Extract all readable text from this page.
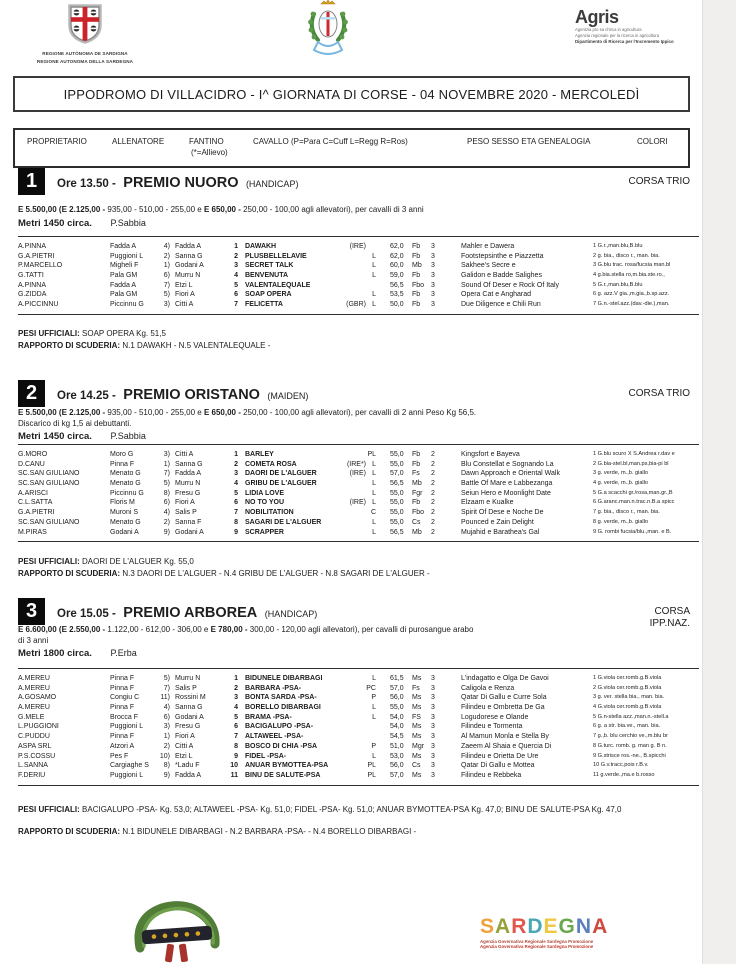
REGIONE AUTÒNOMA DE SARDIGNA
REGIONE AUTONOMA DELLA SARDEGNA
Agris
Agentzia pro sa chirca in agricultura
Agenzia regionale per la ricerca in agricoltura
Dipartimento di Ricerca per l'Incremento Ippico
IPPODROMO DI VILLACIDRO - I^ GIORNATA DI CORSE - 04 NOVEMBRE 2020 - MERCOLEDÌ
PROPRIETARIO	ALLENATORE	FANTINO
(*=Allievo)
CAVALLO (P=Para C=Cuff L=Regg R=Ros)	PESO SESSO ETA GENEALOGIA	COLORI
1	Ore 13.50 - PREMIO NUORO (HANDICAP)	CORSA TRIO
E 5.500,00 (E 2.125,00 - 935,00 - 510,00 - 255,00 e E 650,00 - 250,00 - 100,00 agli allevatori), per cavalli di 3 anni
Metri 1450 circa. P.Sabbia
A.PINNA	Fadda A	4) Fadda A	1 DAWAKH	(IRE)	62,0 Fb 3	Mahler e Dawera	1 G.r.,man.blu,B.blu
G.A.PIETRI	Puggioni L	2) Sanna G	2 PLUSBELLELAVIE	L 62,0 Fb 3	Footstepsinthe e Piazzetta	2 g. bia., disco r., man. bia.
P.MARCELLO	Migheli F	1) Godani A	3 SECRET TALK	L 60,0 Mb 3	Sakhee's Secre e	3 G.blu trac. rosa/fucsia man.bl
G.TATTI	Pala GM	6) Murru N	4 BENVENUTA	L 59,0 Fb 3	Galidon e Badde Salighes	4 g.bia.stella ro,m.bia.ste.ro.,
A.PINNA	Fadda A	7) Etzi L	5 VALENTALEQUALE	56,5 Fbo 3	Sound Of Deser e Rock Of Italy	5 G.r.,man.blu,B.blu
G.ZIDDA	Pala GM	5) Fiori A	6 SOAP OPERA	L 53,5 Fb 3	Opera Cat e Angharad	6 g. azz.V gia.,m.gia.,b.sp.azz.
A.PICCINNU	Piccinnu G	3) Citti A	7 FELICETTA	(GBR) L 50,0 Fb 3	Due Diligence e Chili Run	7 G.n.-stel.azz.(dav.-die.),man.
PESI UFFICIALI: SOAP OPERA Kg. 51,5
RAPPORTO DI SCUDERIA: N.1 DAWAKH - N.5 VALENTALEQUALE -
2	Ore 14.25 - PREMIO ORISTANO (MAIDEN)	CORSA TRIO
E 5.500,00 (E 2.125,00 - 935,00 - 510,00 - 255,00 e E 650,00 - 250,00 - 100,00 agli allevatori), per cavalli di 2 anni Peso Kg 56,5.
Discarico di kg 1,5 ai debuttanti.
Metri 1450 circa. P.Sabbia
G.MORO	Moro G	3) Citti A	1 BARLEY	PL 55,0 Fb 2	Kingsfort e Bayeva	1 G.blu scuro X S.Andrea r.dav e
D.CANU	Pinna F	1) Sanna G	2 COMETA ROSA	(IRE*) L 55,0 Fb 2	Blu Constellat e Sognando La	2 G.bia-stel.bl,man.ps,bia-pi bl
SC.SAN GIULIANO	Menato G	7) Fadda A	3 DAORI DE L'ALGUER	(IRE) L 57,0 Fs 2	Dawn Approach e Oriental Walk	3 g. verde, m.,b. giallo
SC.SAN GIULIANO	Menato G	5) Murru N	4 GRIBU DE L'ALGUER	L 56,5 Mb 2	Battle Of Mare e Labbezanga	4 g. verde, m.,b. giallo
A.ARISCI	Piccinnu G	8) Fresu G	5 LIDIA LOVE	L 55,0 Fgr 2	Seiun Hero e Moonlight Date	5 G.a scacchi gr./rosa,man.gr.,B
C.L.SATTA	Floris M	6) Fiori A	6 NO TO YOU	(IRE) L 55,0 Fb 2	Elzaam e Kualke	6 G.aranc.man.n.trac.n.B.a spicc
G.A.PIETRI	Muroni S	4) Salis P	7 NOBILITATION	C 55,0 Fbo 2	Spirit Of Dese e Noche De	7 g. bia., disco r., man. bia.
SC.SAN GIULIANO	Menato G	2) Sanna F	8 SAGARI DE L'ALGUER	L 55,0 Cs 2	Pounced e Zain Delight	8 g. verde, m.,b. giallo
M.PIRAS	Godani A	9) Godani A	9 SCRAPPER	L 56,5 Mb 2	Mujahid e Barathea's Gal	9 G. rombi fucsia/blu.,man. e B.
PESI UFFICIALI: DAORI DE L'ALGUER Kg. 55,0
RAPPORTO DI SCUDERIA: N.3 DAORI DE L'ALGUER - N.4 GRIBU DE L'ALGUER - N.8 SAGARI DE L'ALGUER -
3	Ore 15.05 - PREMIO ARBOREA (HANDICAP)	CORSA
IPP.NAZ.
E 6.600,00 (E 2.550,00 - 1.122,00 - 612,00 - 306,00 e E 780,00 - 300,00 - 120,00 agli allevatori), per cavalli di purosangue arabo
di 3 anni
Metri 1800 circa. P.Erba
A.MEREU	Pinna F	5) Murru N	1 BIDUNELE DIBARBAGI	L 61,5 Ms 3	L'indagatto e Olga De Gavoi	1 G.viola cer.romb.g.B.viola
A.MEREU	Pinna F	7) Salis P	2 BARBARA -PSA-	PC 57,0 Fs 3	Caligola e Renza	2 G.viola cer.romb.g.B.viola
A.GOSAMO	Congiu C	11) Rossini M	3 BONTA SARDA -PSA-	P 56,0 Ms 3	Qatar Di Gallu e Curre Sola	3 g. ver. stella bia., man. bia.
A.MEREU	Pinna F	4) Sanna G	4 BORELLO DIBARBAGI	L 55,0 Ms 3	Filindeu e Ombretta De Ga	4 G.viola cer.romb.g.B.viola
G.MELE	Brocca F	6) Godani A	5 BRAMA -PSA-	L 54,0 FS 3	Logudorese e Olande	5 G.n-stella azz.,man.n.-stell.a
L.PUGGIONI	Puggioni L	3) Fresu G	6 BACIGALUPO -PSA-	54,0 Ms 3	Filindeu e Tormenta	6 g. a str. bia.ve., man. bia.
C.PUDDU	Pinna F	1) Fiori A	7 ALTAWEEL -PSA-	54,5 Ms 3	Al Mamun Monla e Stella By	7 g.,b. blu cerchio ve.,m.blu br
ASPA SRL	Atzori A	2) Citti A	8 BOSCO DI CHIA -PSA	P 51,0 Mgr 3	Zaeem Al Shaia e Quercia Di	8 G.turc. romb. g. man g. B n.
P.S.COSSU	Pes F	10) Etzi L	9 FIDEL -PSA-	L 53,0 Ms 3	Filindeu e Orietta De Ure	9 G.strisce ros.-ne., B.spicchi
L.SANNA	Cargiaghe S	8) *Ladu F	10 ANUAR BYMOTTEA-PSA	PL 56,0 Cs 3	Qatar Di Gallu e Mottea	10 G.v.tracc.pois r.B.v.
F.DERIU	Puggioni L	9) Fadda A	11 BINU DE SALUTE-PSA	PL 57,0 Ms 3	Filindeu e Rebbeka	11 g.verde.,ma.e b.rosso
PESI UFFICIALI: BACIGALUPO -PSA- Kg. 53,0; ALTAWEEL -PSA- Kg. 51,0; FIDEL -PSA- Kg. 51,0; ANUAR BYMOTTEA-PSA Kg. 47,0; BINU DE SALUTE-PSA Kg. 47,0
RAPPORTO DI SCUDERIA: N.1 BIDUNELE DIBARBAGI - N.2 BARBARA -PSA- - N.4 BORELLO DIBARBAGI -
SARDEGNA
Agenzia Governativa Regionale Sardegna Promozione
Agenzia Governativa Regionale Sardegna Promozione
